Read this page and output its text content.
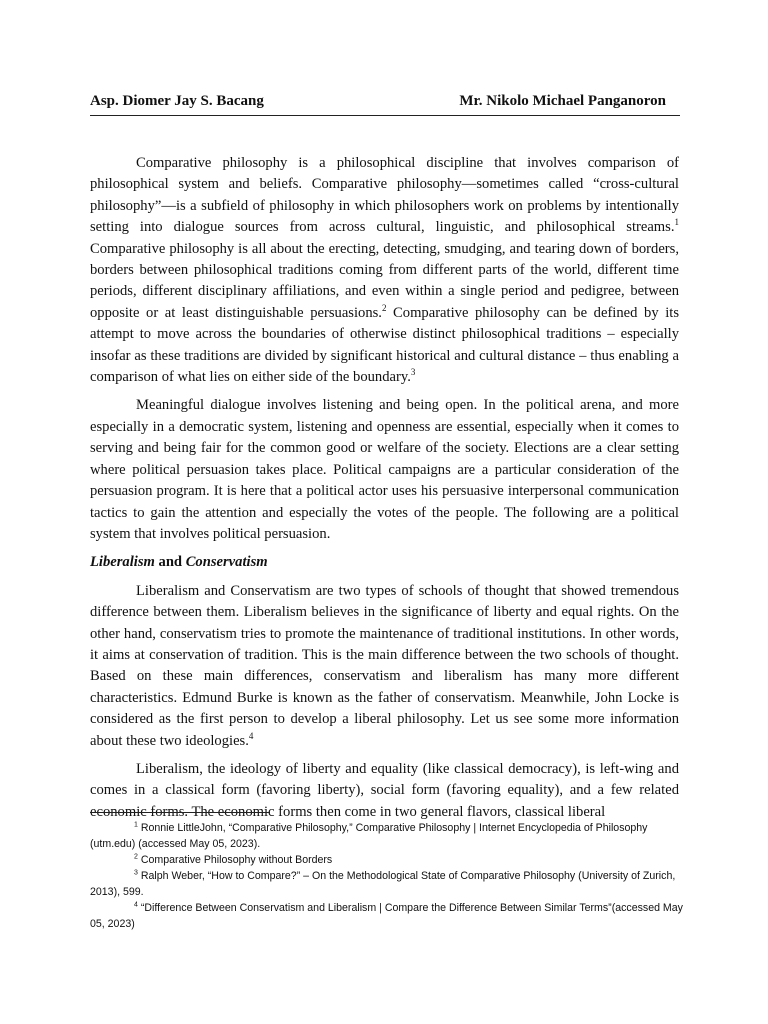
Asp. Diomer Jay S. Bacang	Mr. Nikolo Michael Panganoron

Comparative philosophy is a philosophical discipline that involves comparison of philosophical system and beliefs. Comparative philosophy—sometimes called “cross-cultural philosophy”—is a subfield of philosophy in which philosophers work on problems by intentionally setting into dialogue sources from across cultural, linguistic, and philosophical streams.$^1$ Comparative philosophy is all about the erecting, detecting, smudging, and tearing down of borders, borders between philosophical traditions coming from different parts of the world, different time periods, different disciplinary affiliations, and even within a single period and pedigree, between opposite or at least distinguishable persuasions.$^2$ Comparative philosophy can be defined by its attempt to move across the boundaries of otherwise distinct philosophical traditions – especially insofar as these traditions are divided by significant historical and cultural distance – thus enabling a comparison of what lies on either side of the boundary.$^3$

Meaningful dialogue involves listening and being open. In the political arena, and more especially in a democratic system, listening and openness are essential, especially when it comes to serving and being fair for the common good or welfare of the society. Elections are a clear setting where political persuasion takes place. Political campaigns are a particular consideration of the persuasion program. It is here that a political actor uses his persuasive interpersonal communication tactics to gain the attention and especially the votes of the people. The following are a political system that involves political persuasion.

Liberalism and Conservatism

Liberalism and Conservatism are two types of schools of thought that showed tremendous difference between them. Liberalism believes in the significance of liberty and equal rights. On the other hand, conservatism tries to promote the maintenance of traditional institutions. In other words, it aims at conservation of tradition. This is the main difference between the two schools of thought. Based on these main differences, conservatism and liberalism has many more different characteristics. Edmund Burke is known as the father of conservatism. Meanwhile, John Locke is considered as the first person to develop a liberal philosophy. Let us see some more information about these two ideologies.$^4$

Liberalism, the ideology of liberty and equality (like classical democracy), is left-wing and comes in a classical form (favoring liberty), social form (favoring equality), and a few related economic forms. The economic forms then come in two general flavors, classical liberal

$^1$ Ronnie LittleJohn, “Comparative Philosophy,” Comparative Philosophy | Internet Encyclopedia of Philosophy (utm.edu) (accessed May 05, 2023).

$^2$ Comparative Philosophy without Borders

$^3$ Ralph Weber, “How to Compare?” – On the Methodological State of Comparative Philosophy (University of Zurich, 2013), 599.

$^4$ “Difference Between Conservatism and Liberalism | Compare the Difference Between Similar Terms”(accessed May 05, 2023)
